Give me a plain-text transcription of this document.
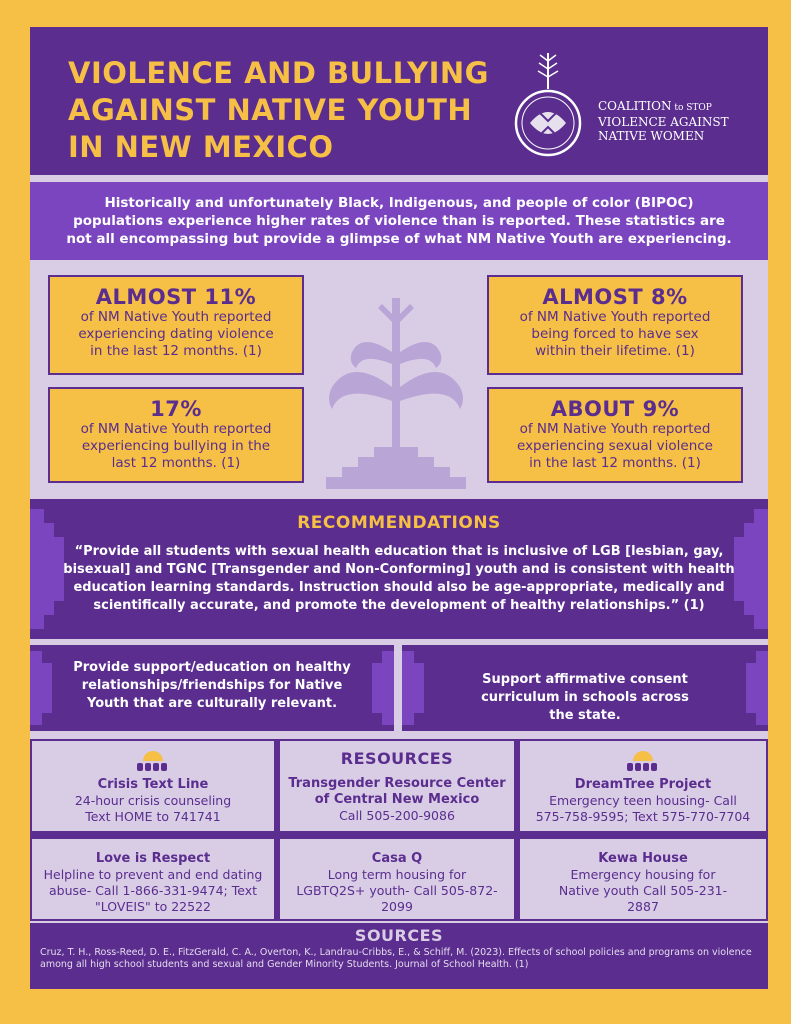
VIOLENCE AND BULLYING
AGAINST NATIVE YOUTH
IN NEW MEXICO
COALITION to STOP
VIOLENCE AGAINST
NATIVE WOMEN
Historically and unfortunately Black, Indigenous, and people of color (BIPOC) populations experience higher rates of violence than is reported. These statistics are not all encompassing but provide a glimpse of what NM Native Youth are experiencing.
ALMOST 11%
of NM Native Youth reported experiencing dating violence in the last 12 months. (1)
ALMOST 8%
of NM Native Youth reported being forced to have sex within their lifetime. (1)
17%
of NM Native Youth reported experiencing bullying in the last 12 months. (1)
ABOUT 9%
of NM Native Youth reported experiencing sexual violence in the last 12 months. (1)
RECOMMENDATIONS
“Provide all students with sexual health education that is inclusive of LGB [lesbian, gay, bisexual] and TGNC [Transgender and Non-Conforming] youth and is consistent with health education learning standards. Instruction should also be age-appropriate, medically and scientifically accurate, and promote the development of healthy relationships.” (1)
Provide support/education on healthy relationships/friendships for Native Youth that are culturally relevant.
Support affirmative consent curriculum in schools across the state.
Crisis Text Line
24-hour crisis counseling Text HOME to 741741
RESOURCES
Transgender Resource Center of Central New Mexico
Call 505-200-9086
DreamTree Project
Emergency teen housing- Call 575-758-9595; Text 575-770-7704
Love is Respect
Helpline to prevent and end dating abuse- Call 1-866-331-9474; Text "LOVEIS" to 22522
Casa Q
Long term housing for LGBTQ2S+ youth- Call 505-872-2099
Kewa House
Emergency housing for Native youth Call 505-231-2887
SOURCES
Cruz, T. H., Ross-Reed, D. E., FitzGerald, C. A., Overton, K., Landrau-Cribbs, E., & Schiff, M. (2023). Effects of school policies and programs on violence among all high school students and sexual and Gender Minority Students. Journal of School Health. (1)
